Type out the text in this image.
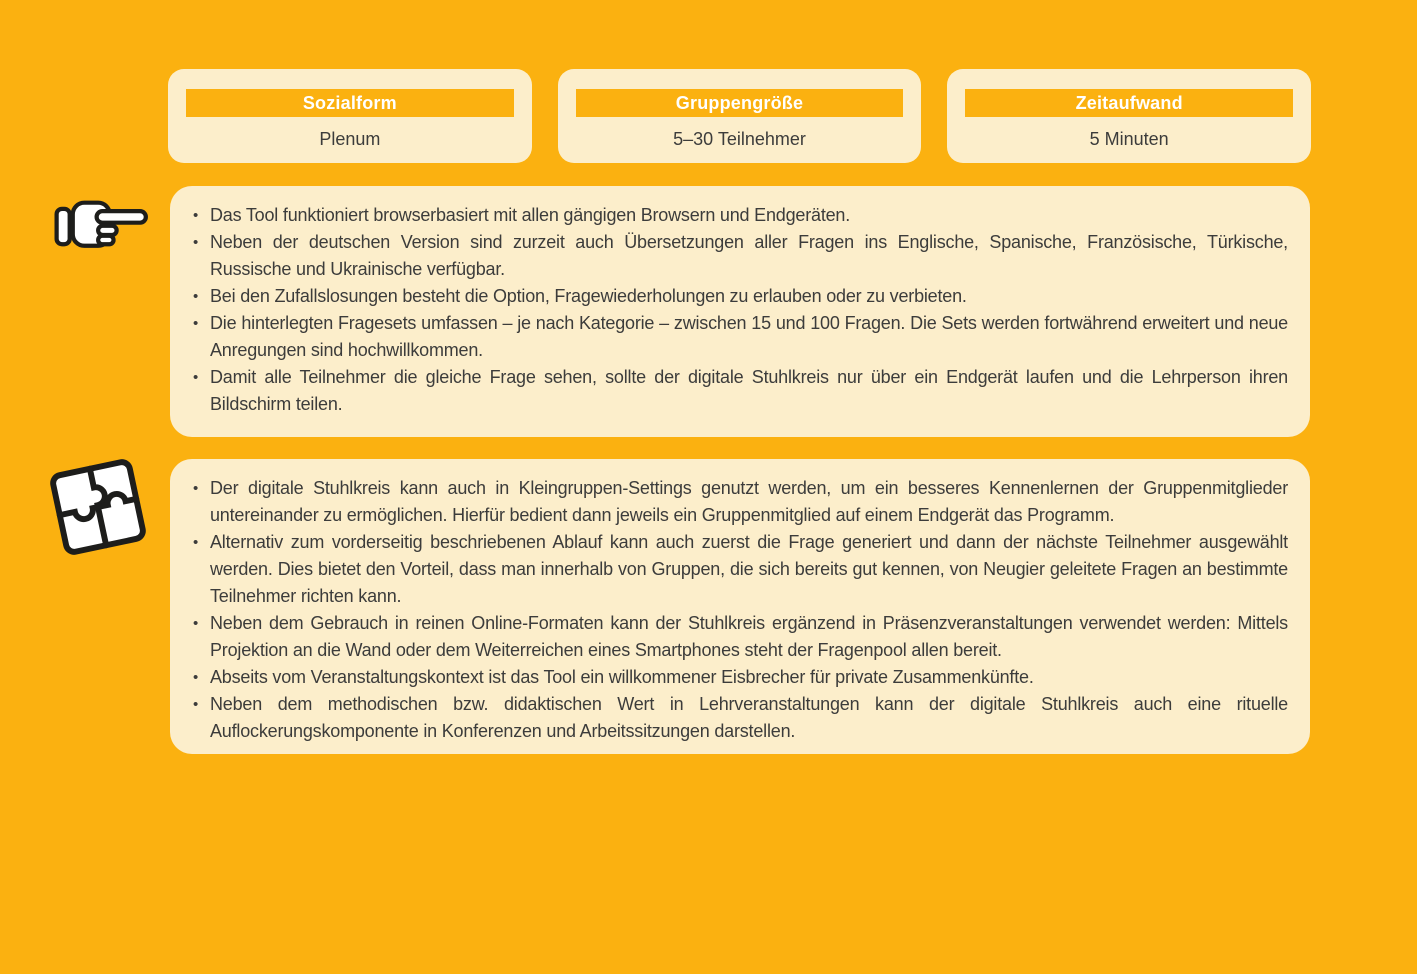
Sozialform
Plenum
Gruppengröße
5–30 Teilnehmer
Zeitaufwand
5 Minuten
• Das Tool funktioniert browserbasiert mit allen gängigen Browsern und Endgeräten.
• Neben der deutschen Version sind zurzeit auch Übersetzungen aller Fragen ins Englische, Spanische, Französische, Türkische, Russische und Ukrainische verfügbar.
• Bei den Zufallslosungen besteht die Option, Fragewiederholungen zu erlauben oder zu verbieten.
• Die hinterlegten Fragesets umfassen – je nach Kategorie – zwischen 15 und 100 Fragen. Die Sets werden fortwährend erweitert und neue Anregungen sind hochwillkommen.
• Damit alle Teilnehmer die gleiche Frage sehen, sollte der digitale Stuhlkreis nur über ein Endgerät laufen und die Lehrperson ihren Bildschirm teilen.
• Der digitale Stuhlkreis kann auch in Kleingruppen-Settings genutzt werden, um ein besseres Kennenlernen der Gruppenmitglieder untereinander zu ermöglichen. Hierfür bedient dann jeweils ein Gruppenmitglied auf einem Endgerät das Programm.
• Alternativ zum vorderseitig beschriebenen Ablauf kann auch zuerst die Frage generiert und dann der nächste Teilnehmer ausgewählt werden. Dies bietet den Vorteil, dass man innerhalb von Gruppen, die sich bereits gut kennen, von Neugier geleitete Fragen an bestimmte Teilnehmer richten kann.
• Neben dem Gebrauch in reinen Online-Formaten kann der Stuhlkreis ergänzend in Präsenzveranstaltungen verwendet werden: Mittels Projektion an die Wand oder dem Weiterreichen eines Smartphones steht der Fragenpool allen bereit.
• Abseits vom Veranstaltungskontext ist das Tool ein willkommener Eisbrecher für private Zusammenkünfte.
• Neben dem methodischen bzw. didaktischen Wert in Lehrveranstaltungen kann der digitale Stuhlkreis auch eine rituelle Auflockerungskomponente in Konferenzen und Arbeitssitzungen darstellen.
